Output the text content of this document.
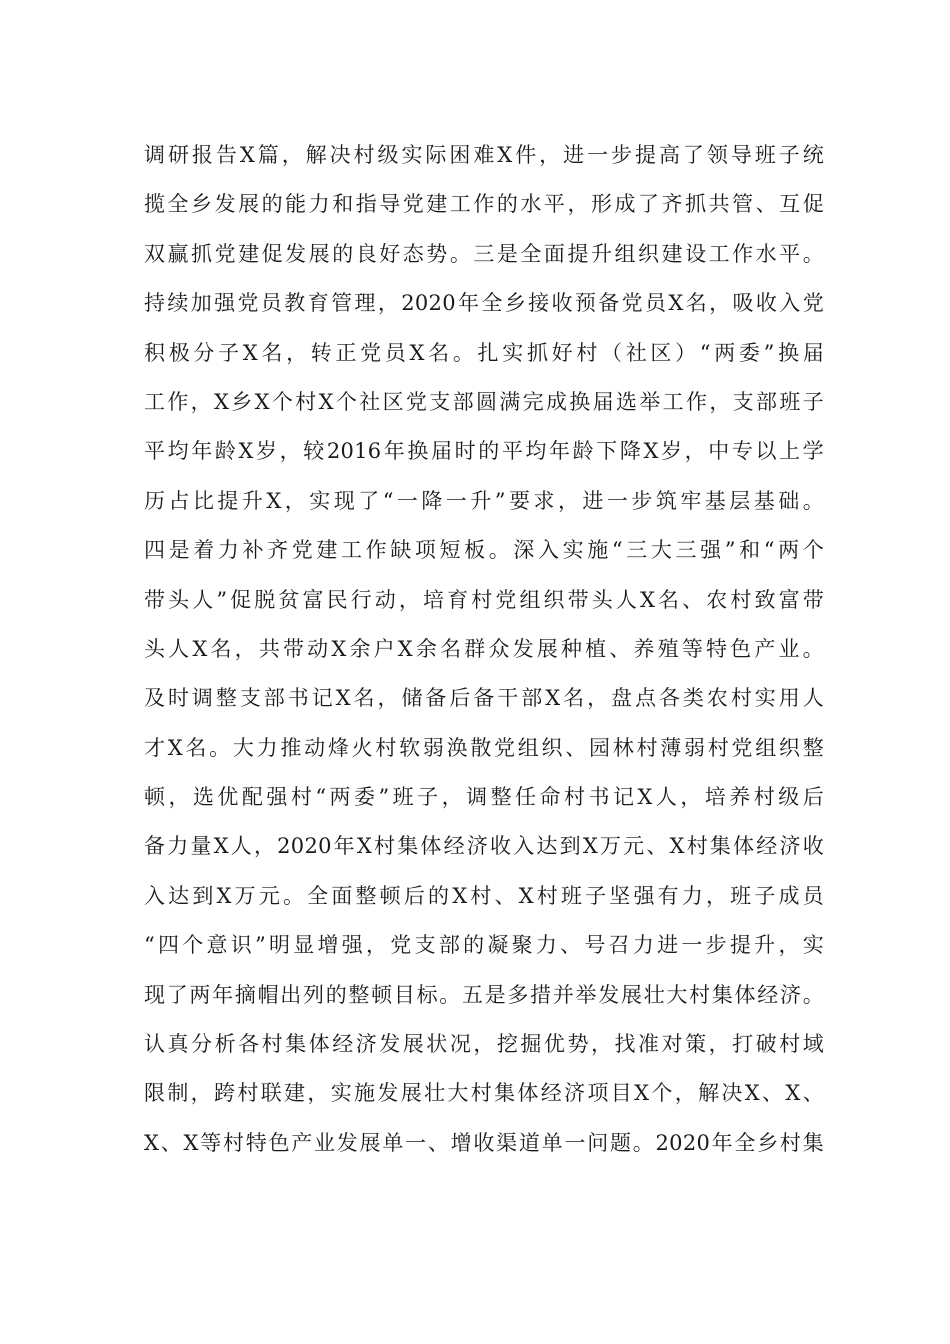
调研报告X篇，解决村级实际困难X件，进一步提高了领导班子统
揽全乡发展的能力和指导党建工作的水平，形成了齐抓共管、互促
双赢抓党建促发展的良好态势。三是全面提升组织建设工作水平。
持续加强党员教育管理，2020年全乡接收预备党员X名，吸收入党
积极分子X名，转正党员X名。扎实抓好村（社区）“两委”换届
工作，X乡X个村X个社区党支部圆满完成换届选举工作，支部班子
平均年龄X岁，较2016年换届时的平均年龄下降X岁，中专以上学
历占比提升X，实现了“一降一升”要求，进一步筑牢基层基础。
四是着力补齐党建工作缺项短板。深入实施“三大三强”和“两个
带头人”促脱贫富民行动，培育村党组织带头人X名、农村致富带
头人X名，共带动X余户X余名群众发展种植、养殖等特色产业。
及时调整支部书记X名，储备后备干部X名，盘点各类农村实用人
才X名。大力推动烽火村软弱涣散党组织、园林村薄弱村党组织整
顿，选优配强村“两委”班子，调整任命村书记X人，培养村级后
备力量X人，2020年X村集体经济收入达到X万元、X村集体经济收
入达到X万元。全面整顿后的X村、X村班子坚强有力，班子成员
“四个意识”明显增强，党支部的凝聚力、号召力进一步提升，实
现了两年摘帽出列的整顿目标。五是多措并举发展壮大村集体经济。
认真分析各村集体经济发展状况，挖掘优势，找准对策，打破村域
限制，跨村联建，实施发展壮大村集体经济项目X个，解决X、X、
X、X等村特色产业发展单一、增收渠道单一问题。2020年全乡村集
